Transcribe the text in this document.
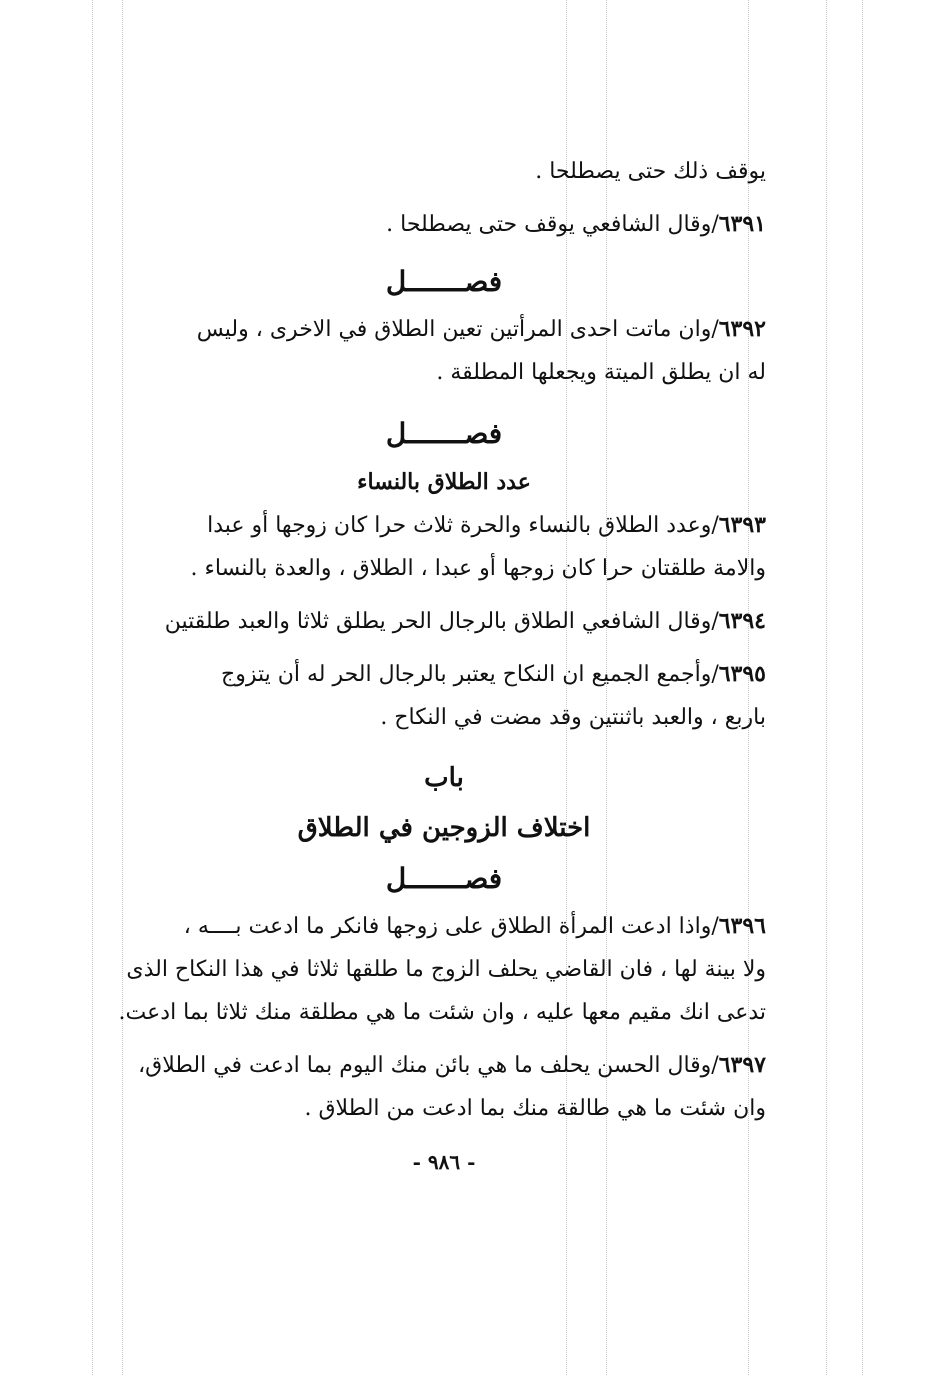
يوقف ذلك حتى يصطلحا .
٦٣٩١/وقال الشافعي يوقف حتى يصطلحا .
فصـــــــل
٦٣٩٢/وان ماتت احدى المرأتين تعين الطلاق في الاخرى ، وليس
له ان يطلق الميتة ويجعلها المطلقة .
فصـــــــل
عدد الطلاق بالنساء
٦٣٩٣/وعدد الطلاق بالنساء والحرة ثلاث حرا كان زوجها أو عبدا
والامة طلقتان حرا كان زوجها أو عبدا ، الطلاق ، والعدة بالنساء .
٦٣٩٤/وقال الشافعي الطلاق بالرجال الحر يطلق ثلاثا والعبد طلقتين
٦٣٩٥/وأجمع الجميع ان النكاح يعتبر بالرجال الحر له أن يتزوج
باربع ، والعبد باثنتين وقد مضت في النكاح .
باب
اختلاف الزوجين في الطلاق
فصـــــــل
٦٣٩٦/واذا ادعت المرأة الطلاق على زوجها فانكر ما ادعت بــــه ،
ولا بينة لها ، فان القاضي يحلف الزوج ما طلقها ثلاثا في هذا النكاح الذى
تدعى انك مقيم معها عليه ، وان شئت ما هي مطلقة منك ثلاثا بما ادعت.
٦٣٩٧/وقال الحسن يحلف ما هي بائن منك اليوم بما ادعت في الطلاق،
وان شئت ما هي طالقة منك بما ادعت من الطلاق .
- ٩٨٦ -
